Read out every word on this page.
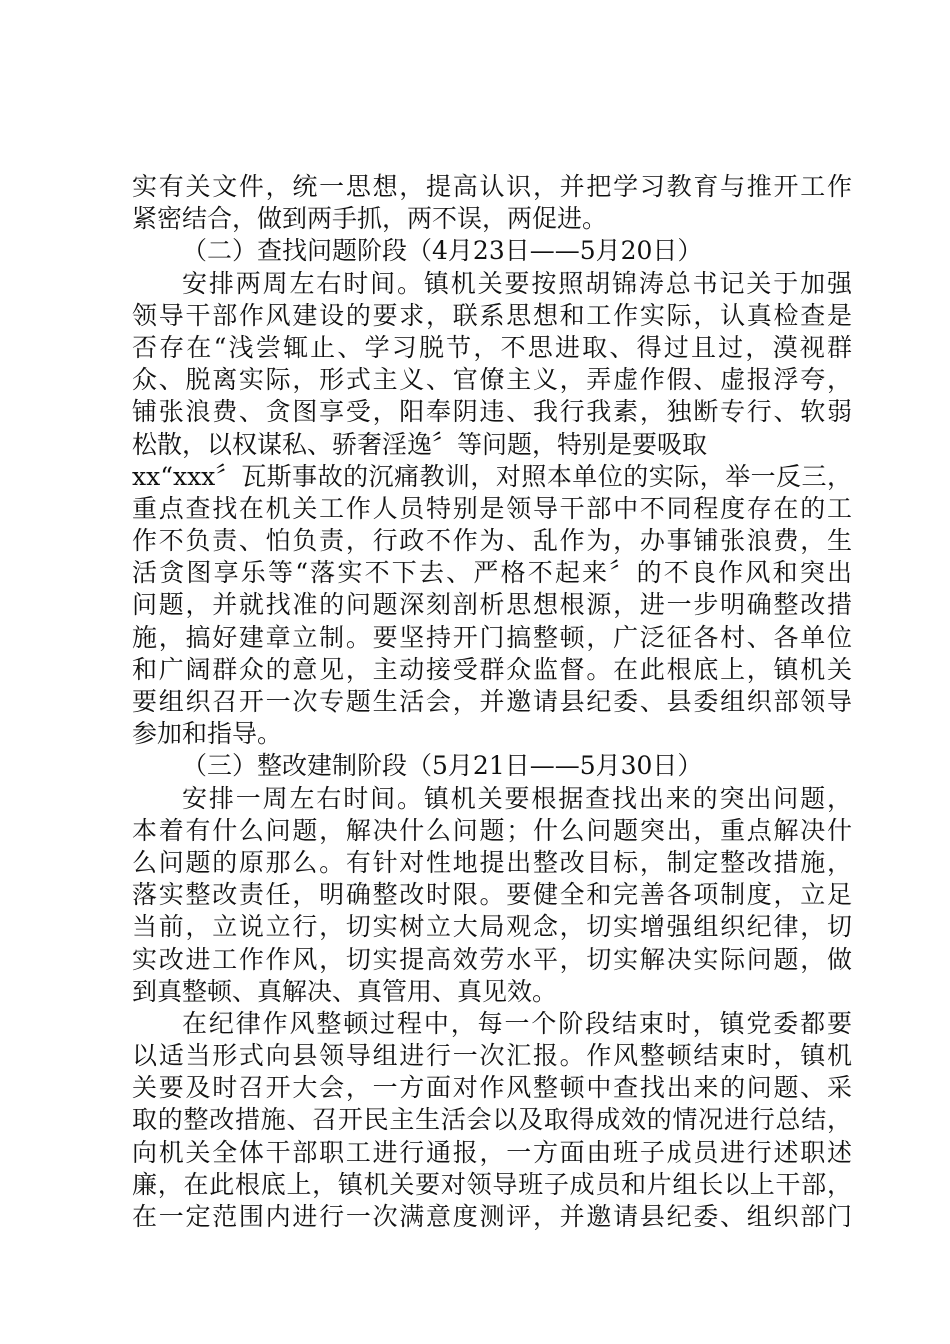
实有关文件，统一思想，提高认识，并把学习教育与推开工作
紧密结合，做到两手抓，两不误，两促进。
（二）查找问题阶段（4月23日——5月20日）
安排两周左右时间。镇机关要按照胡锦涛总书记关于加强
领导干部作风建设的要求，联系思想和工作实际，认真检查是
否存在“浅尝辄止、学习脱节，不思进取、得过且过，漠视群
众、脱离实际，形式主义、官僚主义，弄虚作假、虚报浮夸，
铺张浪费、贪图享受，阳奉阴违、我行我素，独断专行、软弱
松散，以权谋私、骄奢淫逸〞等问题，特别是要吸取
xx“xxx〞瓦斯事故的沉痛教训，对照本单位的实际，举一反三，
重点查找在机关工作人员特别是领导干部中不同程度存在的工
作不负责、怕负责，行政不作为、乱作为，办事铺张浪费，生
活贪图享乐等“落实不下去、严格不起来〞的不良作风和突出
问题，并就找准的问题深刻剖析思想根源，进一步明确整改措
施，搞好建章立制。要坚持开门搞整顿，广泛征各村、各单位
和广阔群众的意见，主动接受群众监督。在此根底上，镇机关
要组织召开一次专题生活会，并邀请县纪委、县委组织部领导
参加和指导。
（三）整改建制阶段（5月21日——5月30日）
安排一周左右时间。镇机关要根据查找出来的突出问题，
本着有什么问题，解决什么问题；什么问题突出，重点解决什
么问题的原那么。有针对性地提出整改目标，制定整改措施，
落实整改责任，明确整改时限。要健全和完善各项制度，立足
当前，立说立行，切实树立大局观念，切实增强组织纪律，切
实改进工作作风，切实提高效劳水平，切实解决实际问题，做
到真整顿、真解决、真管用、真见效。
在纪律作风整顿过程中，每一个阶段结束时，镇党委都要
以适当形式向县领导组进行一次汇报。作风整顿结束时，镇机
关要及时召开大会，一方面对作风整顿中查找出来的问题、采
取的整改措施、召开民主生活会以及取得成效的情况进行总结，
向机关全体干部职工进行通报，一方面由班子成员进行述职述
廉，在此根底上，镇机关要对领导班子成员和片组长以上干部，
在一定范围内进行一次满意度测评，并邀请县纪委、组织部门
